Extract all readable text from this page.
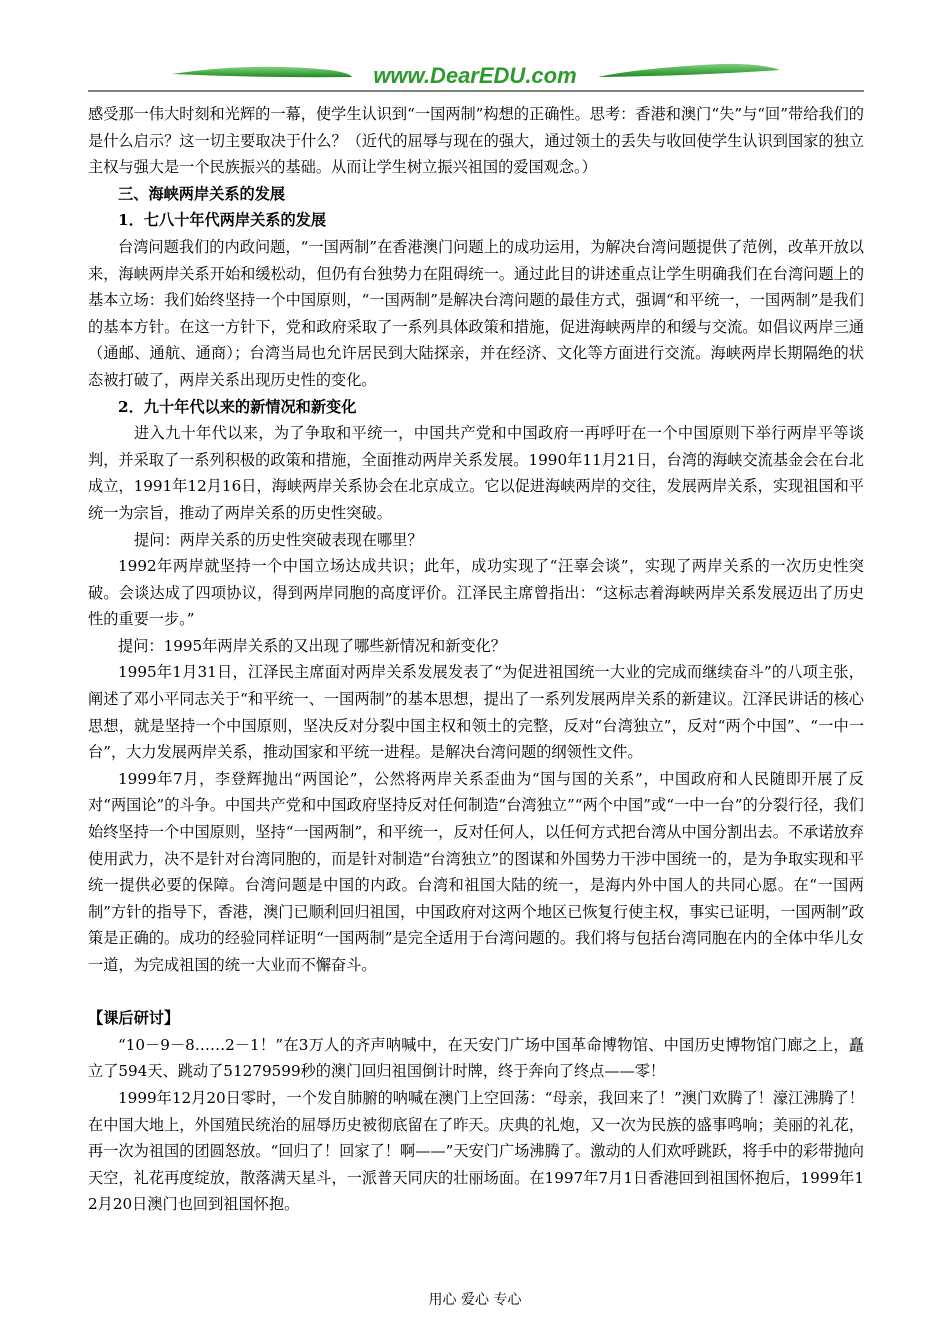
www.DearEDU.com

感受那一伟大时刻和光辉的一幕，使学生认识到“一国两制”构想的正确性。思考：香港和澳门“失”与“回”带给我们的是什么启示？这一切主要取决于什么？（近代的屈辱与现在的强大，通过领土的丢失与收回使学生认识到国家的独立主权与强大是一个民族振兴的基础。从而让学生树立振兴祖国的爱国观念。）

三、海峡两岸关系的发展

1．七八十年代两岸关系的发展

台湾问题我们的内政问题，“一国两制”在香港澳门问题上的成功运用，为解决台湾问题提供了范例，改革开放以来，海峡两岸关系开始和缓松动，但仍有台独势力在阻碍统一。通过此目的讲述重点让学生明确我们在台湾问题上的基本立场：我们始终坚持一个中国原则，“一国两制”是解决台湾问题的最佳方式，强调“和平统一，一国两制”是我们的基本方针。在这一方针下，党和政府采取了一系列具体政策和措施，促进海峡两岸的和缓与交流。如倡议两岸三通（通邮、通航、通商）；台湾当局也允许居民到大陆探亲，并在经济、文化等方面进行交流。海峡两岸长期隔绝的状态被打破了，两岸关系出现历史性的变化。

2．九十年代以来的新情况和新变化

进入九十年代以来，为了争取和平统一，中国共产党和中国政府一再呼吁在一个中国原则下举行两岸平等谈判，并采取了一系列积极的政策和措施，全面推动两岸关系发展。1990年11月21日，台湾的海峡交流基金会在台北成立，1991年12月16日，海峡两岸关系协会在北京成立。它以促进海峡两岸的交往，发展两岸关系，实现祖国和平统一为宗旨，推动了两岸关系的历史性突破。

提问：两岸关系的历史性突破表现在哪里？

1992年两岸就坚持一个中国立场达成共识；此年，成功实现了“汪辜会谈”，实现了两岸关系的一次历史性突破。会谈达成了四项协议，得到两岸同胞的高度评价。江泽民主席曾指出：“这标志着海峡两岸关系发展迈出了历史性的重要一步。”

提问：1995年两岸关系的又出现了哪些新情况和新变化？

1995年1月31日，江泽民主席面对两岸关系发展发表了“为促进祖国统一大业的完成而继续奋斗”的八项主张，阐述了邓小平同志关于“和平统一、一国两制”的基本思想，提出了一系列发展两岸关系的新建议。江泽民讲话的核心思想，就是坚持一个中国原则，坚决反对分裂中国主权和领土的完整，反对“台湾独立”，反对“两个中国”、“一中一台”，大力发展两岸关系，推动国家和平统一进程。是解决台湾问题的纲领性文件。

1999年7月，李登辉抛出“两国论”，公然将两岸关系歪曲为“国与国的关系”，中国政府和人民随即开展了反对“两国论”的斗争。中国共产党和中国政府坚持反对任何制造“台湾独立”“两个中国”或“一中一台”的分裂行径，我们始终坚持一个中国原则，坚持“一国两制”，和平统一，反对任何人，以任何方式把台湾从中国分割出去。不承诺放弃使用武力，决不是针对台湾同胞的，而是针对制造“台湾独立”的图谋和外国势力干涉中国统一的，是为争取实现和平统一提供必要的保障。台湾问题是中国的内政。台湾和祖国大陆的统一，是海内外中国人的共同心愿。在“一国两制”方针的指导下，香港，澳门已顺利回归祖国，中国政府对这两个地区已恢复行使主权，事实已证明，一国两制”政策是正确的。成功的经验同样证明“一国两制”是完全适用于台湾问题的。我们将与包括台湾同胞在内的全体中华儿女一道，为完成祖国的统一大业而不懈奋斗。

【课后研讨】

“10－9－8……2－1！”在3万人的齐声呐喊中，在天安门广场中国革命博物馆、中国历史博物馆门廊之上，矗立了594天、跳动了51279599秒的澳门回归祖国倒计时牌，终于奔向了终点——零！

1999年12月20日零时，一个发自肺腑的呐喊在澳门上空回荡：“母亲，我回来了！”澳门欢腾了！濠江沸腾了！在中国大地上，外国殖民统治的屈辱历史被彻底留在了昨天。庆典的礼炮，又一次为民族的盛事鸣响；美丽的礼花，再一次为祖国的团圆怒放。“回归了！回家了！啊——”天安门广场沸腾了。激动的人们欢呼跳跃，将手中的彩带抛向天空，礼花再度绽放，散落满天星斗，一派普天同庆的壮丽场面。在1997年7月1日香港回到祖国怀抱后，1999年12月20日澳门也回到祖国怀抱。

用心 爱心 专心
